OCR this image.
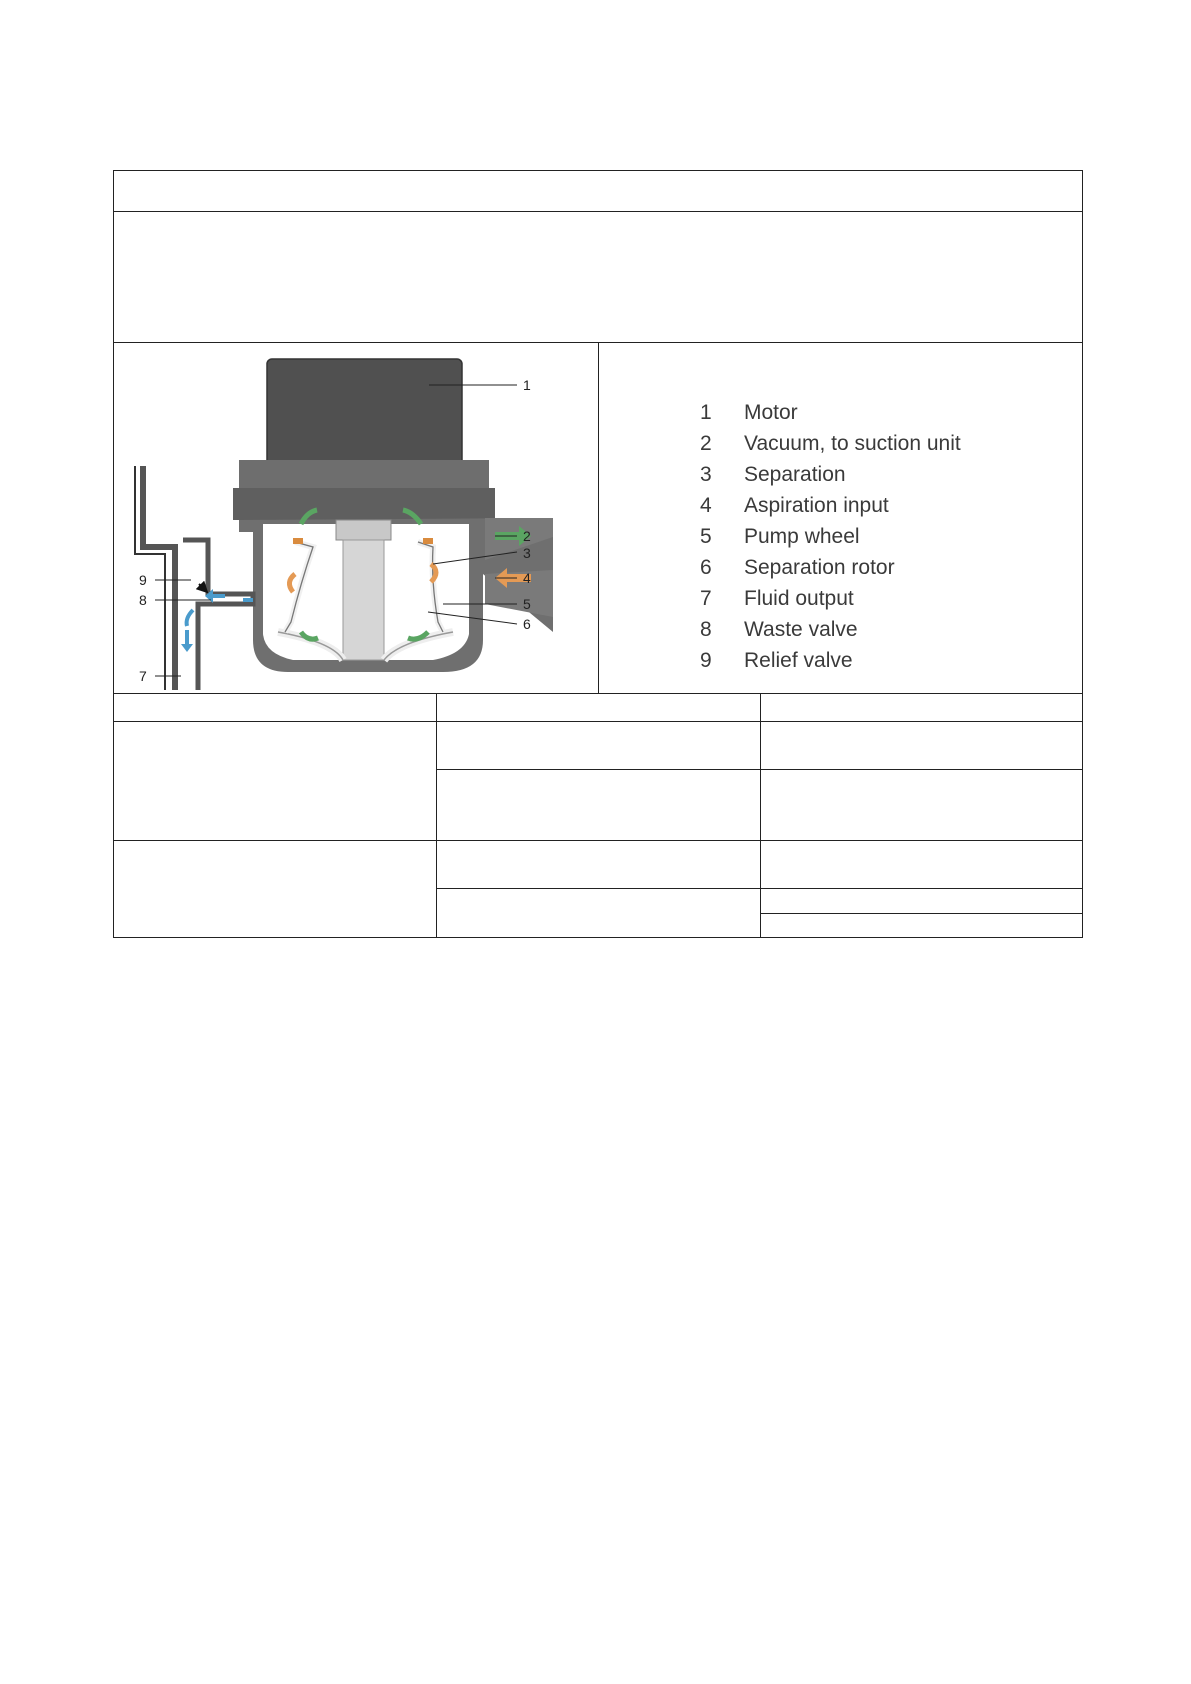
1
2
3
4
5
6
7
8
9
1	Motor
2	Vacuum, to suction unit
3	Separation
4	Aspiration input
5	Pump wheel
6	Separation rotor
7	Fluid output
8	Waste valve
9	Relief valve
